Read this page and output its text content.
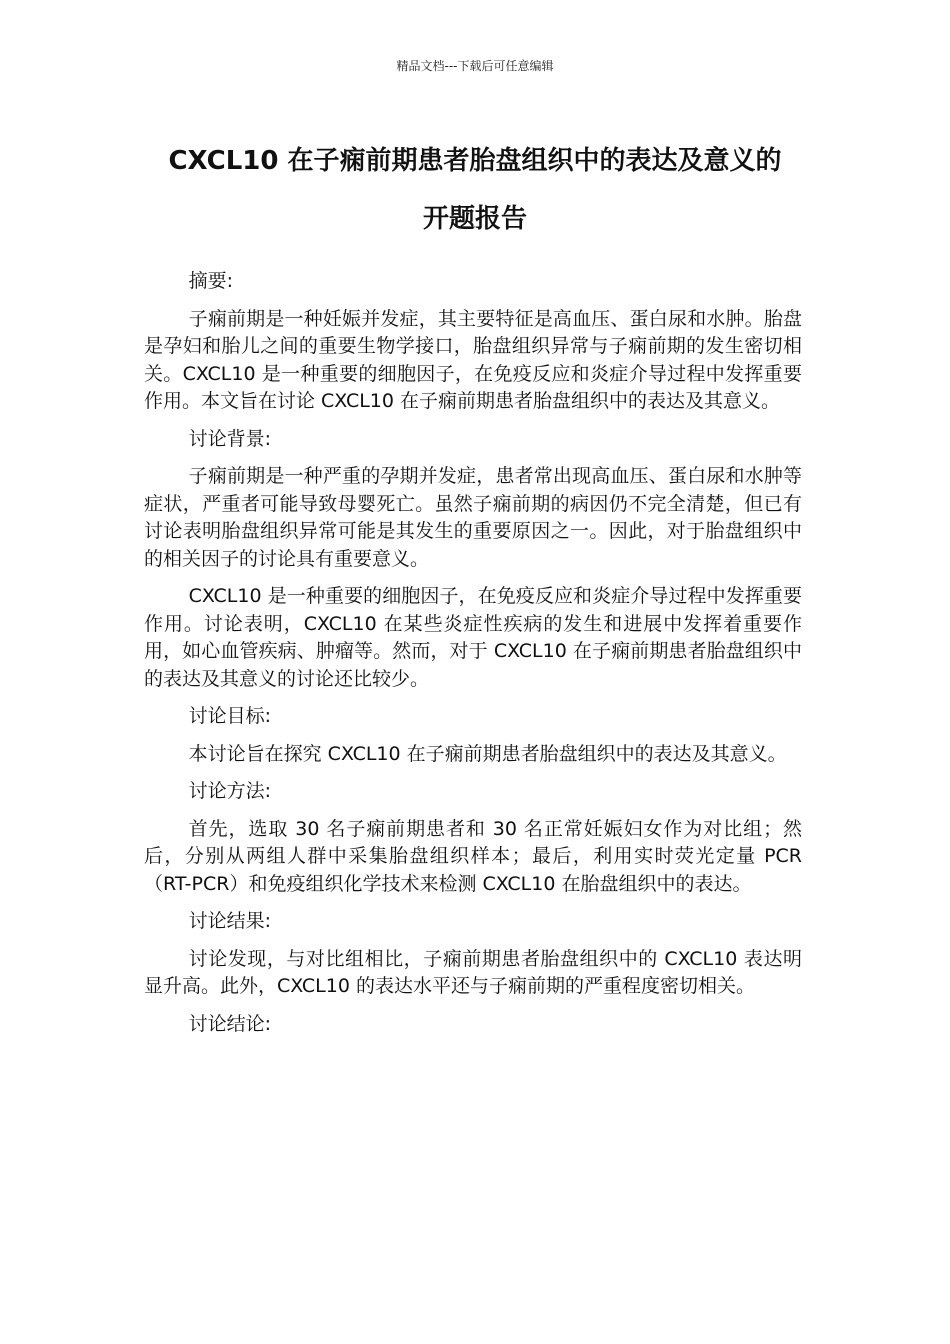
精品文档---下载后可任意编辑
CXCL10 在子痫前期患者胎盘组织中的表达及意义的
开题报告

摘要:

子痫前期是一种妊娠并发症，其主要特征是高血压、蛋白尿和水肿。胎盘是孕妇和胎儿之间的重要生物学接口，胎盘组织异常与子痫前期的发生密切相关。CXCL10 是一种重要的细胞因子，在免疫反应和炎症介导过程中发挥重要作用。本文旨在讨论 CXCL10 在子痫前期患者胎盘组织中的表达及其意义。

讨论背景:

子痫前期是一种严重的孕期并发症，患者常出现高血压、蛋白尿和水肿等症状，严重者可能导致母婴死亡。虽然子痫前期的病因仍不完全清楚，但已有讨论表明胎盘组织异常可能是其发生的重要原因之一。因此，对于胎盘组织中的相关因子的讨论具有重要意义。

CXCL10 是一种重要的细胞因子，在免疫反应和炎症介导过程中发挥重要作用。讨论表明，CXCL10 在某些炎症性疾病的发生和进展中发挥着重要作用，如心血管疾病、肿瘤等。然而，对于 CXCL10 在子痫前期患者胎盘组织中的表达及其意义的讨论还比较少。

讨论目标:

本讨论旨在探究 CXCL10 在子痫前期患者胎盘组织中的表达及其意义。

讨论方法:

首先，选取 30 名子痫前期患者和 30 名正常妊娠妇女作为对比组；然后，分别从两组人群中采集胎盘组织样本；最后，利用实时荧光定量 PCR（RT-PCR）和免疫组织化学技术来检测 CXCL10 在胎盘组织中的表达。

讨论结果:

讨论发现，与对比组相比，子痫前期患者胎盘组织中的 CXCL10 表达明显升高。此外，CXCL10 的表达水平还与子痫前期的严重程度密切相关。

讨论结论:
